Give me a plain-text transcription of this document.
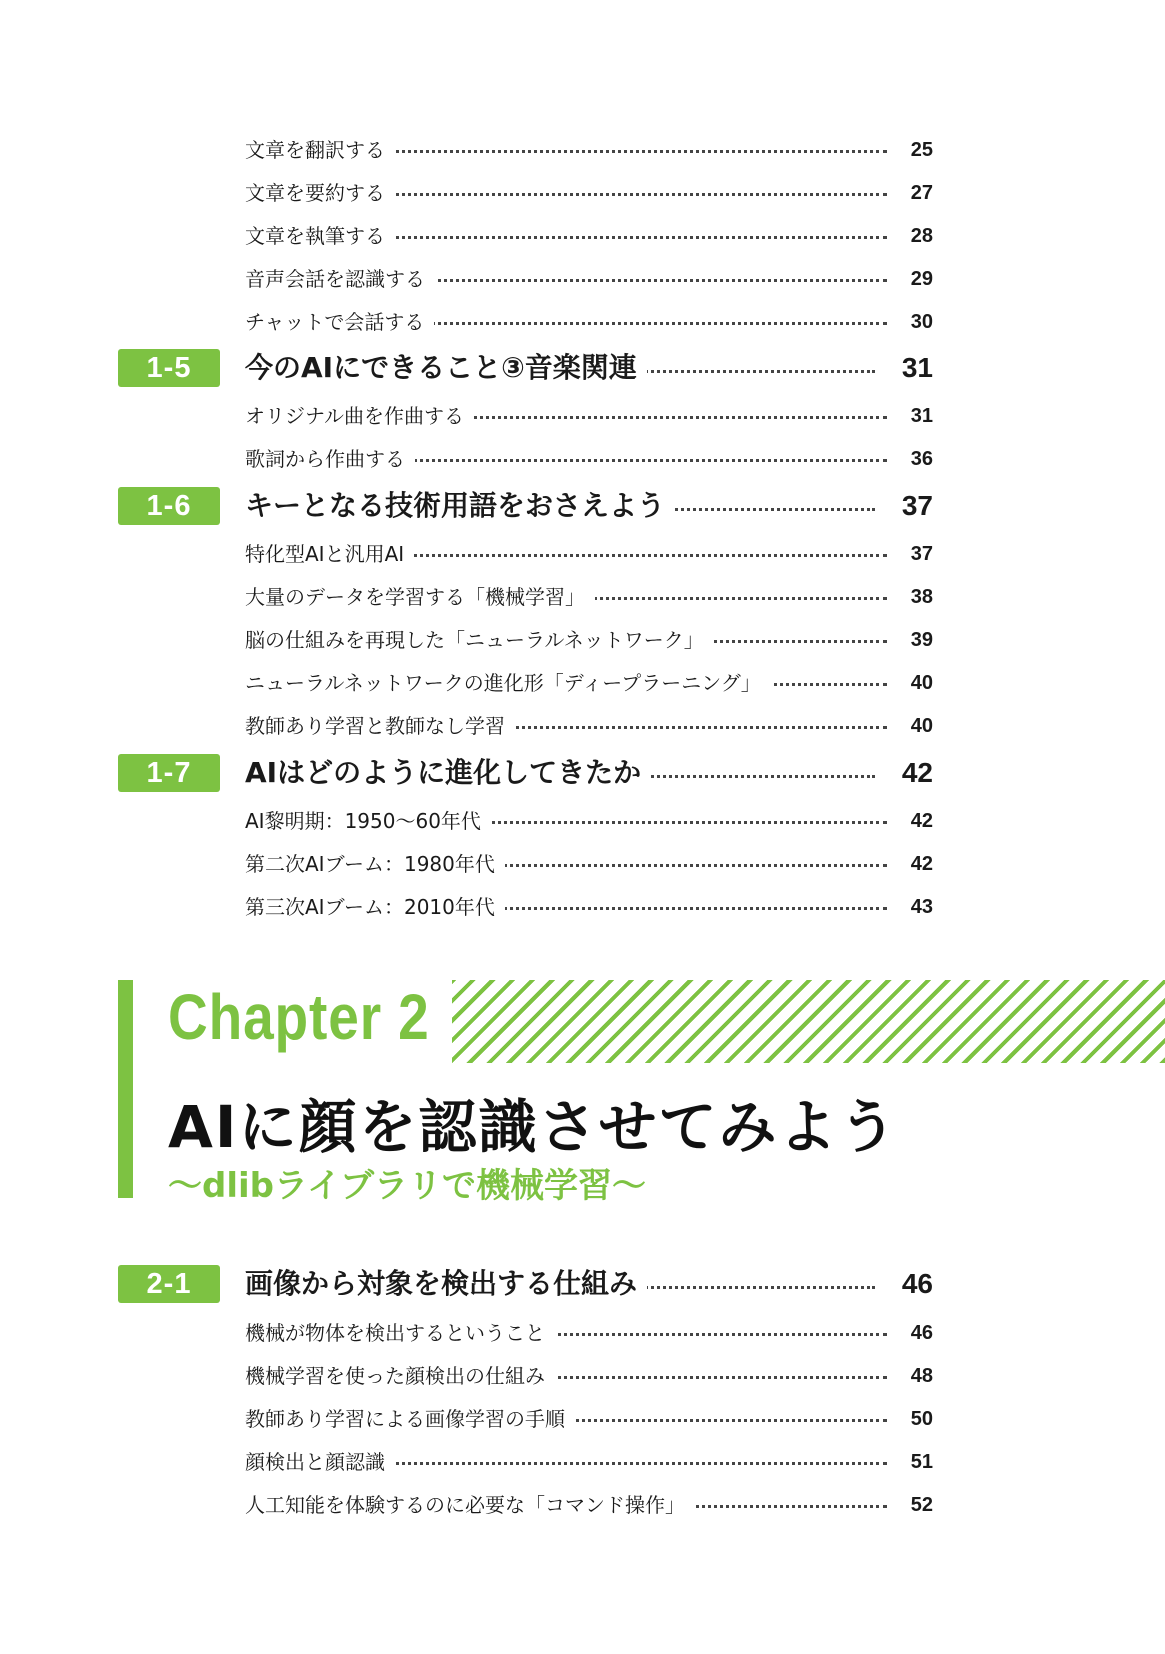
文章を翻訳する	25
文章を要約する	27
文章を執筆する	28
音声会話を認識する	29
チャットで会話する	30
1-5	今のAIにできること③音楽関連	31
オリジナル曲を作曲する	31
歌詞から作曲する	36
1-6	キーとなる技術用語をおさえよう	37
特化型AIと汎用AI	37
大量のデータを学習する「機械学習」	38
脳の仕組みを再現した「ニューラルネットワーク」	39
ニューラルネットワークの進化形「ディープラーニング」	40
教師あり学習と教師なし学習	40
1-7	AIはどのように進化してきたか	42
AI黎明期：1950〜60年代	42
第二次AIブーム：1980年代	42
第三次AIブーム：2010年代	43
Chapter 2
AIに顔を認識させてみよう
〜dlibライブラリで機械学習〜
2-1	画像から対象を検出する仕組み	46
機械が物体を検出するということ	46
機械学習を使った顔検出の仕組み	48
教師あり学習による画像学習の手順	50
顔検出と顔認識	51
人工知能を体験するのに必要な「コマンド操作」	52
